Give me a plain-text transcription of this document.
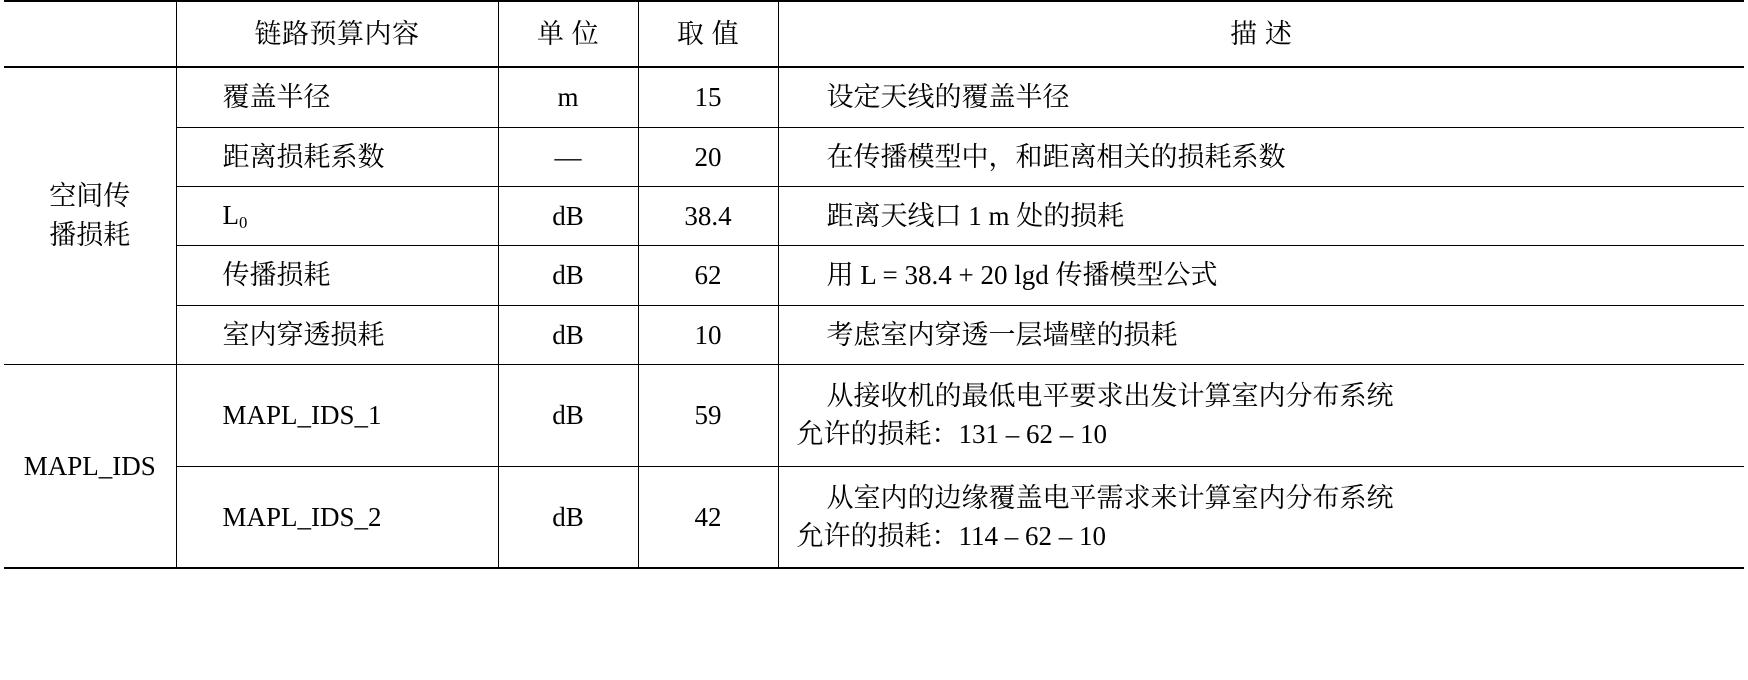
	链路预算内容	单 位	取 值	描 述

空间传
播损耗	覆盖半径	m	15	设定天线的覆盖半径

	距离损耗系数	—	20	在传播模型中，和距离相关的损耗系数

	$L_0$	dB	38.4	距离天线口 1 m 处的损耗

	传播损耗	dB	62	用 L = 38.4 + 20 lgd 传播模型公式

	室内穿透损耗	dB	10	考虑室内穿透一层墙壁的损耗

MAPL_IDS	MAPL_IDS_1	dB	59	从接收机的最低电平要求出发计算室内分布系统
允许的损耗：131 – 62 – 10

	MAPL_IDS_2	dB	42	从室内的边缘覆盖电平需求来计算室内分布系统
允许的损耗：114 – 62 – 10
